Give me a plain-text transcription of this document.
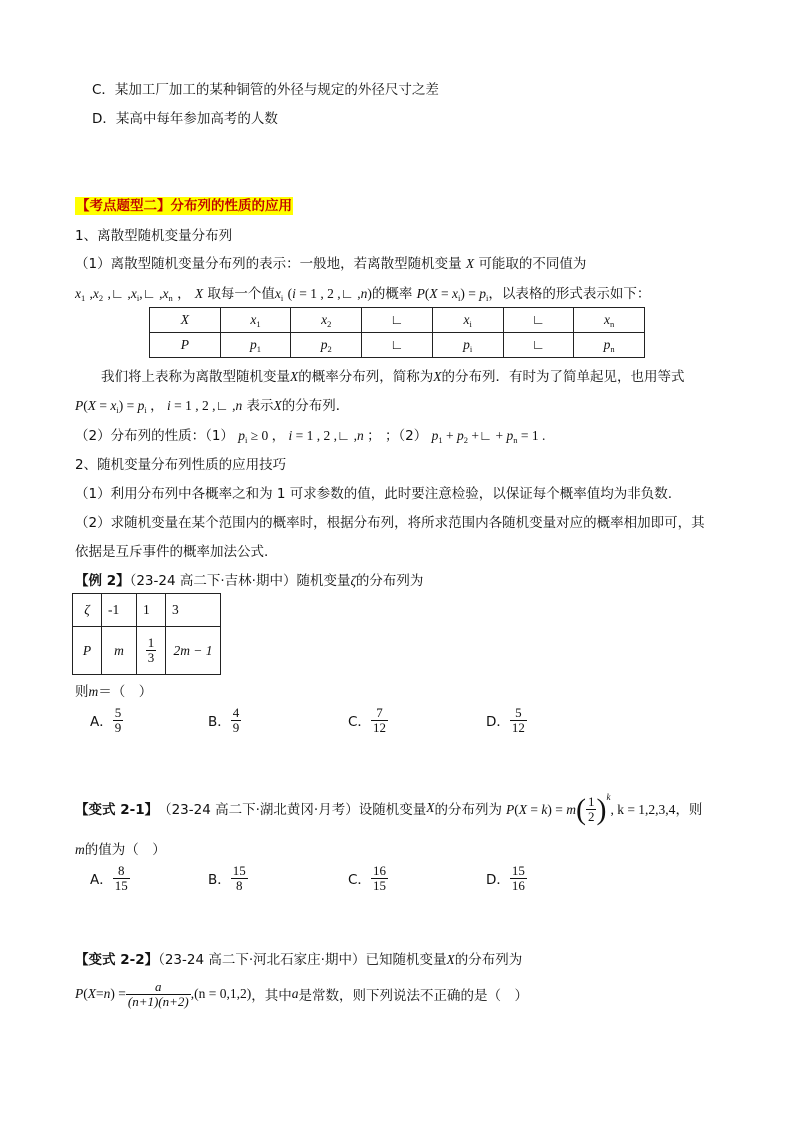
C．某加工厂加工的某种铜管的外径与规定的外径尺寸之差
D．某高中每年参加高考的人数
【考点题型二】分布列的性质的应用
1、离散型随机变量分布列
（1）离散型随机变量分布列的表示：一般地，若离散型随机变量 X 可能取的不同值为
$x_1$ $,x_2$ ,∟ $,x_i,∟$ $,x_n$ ， X 取每一个值$x_i$ (i = 1 , 2 ,∟ ,n)的概率 $P(X = x_i) = p_i$，以表格的形式表示如下：
X	$x_1$	$x_2$	∟	$x_i$	∟	$x_n$
P	$p_1$	$p_2$	∟	$p_i$	∟	$p_n$
我们将上表称为离散型随机变量X的概率分布列，简称为X的分布列．有时为了简单起见，也用等式
$P(X = x_i) = p_i$ ， i = 1 , 2 ,∟ ,n 表示X的分布列．
（2）分布列的性质：（1） $p_i \ge 0$ ， i = 1 , 2 ,∟ ,n ； ；（2） $p_1 + p_2$ +∟ + $p_n = 1$ .
2、随机变量分布列性质的应用技巧
（1）利用分布列中各概率之和为 1 可求参数的值，此时要注意检验，以保证每个概率值均为非负数.
（2）求随机变量在某个范围内的概率时，根据分布列，将所求范围内各随机变量对应的概率相加即可，其
依据是互斥事件的概率加法公式.
【例 2】（23-24 高二下·吉林·期中）随机变量ζ的分布列为
ζ	-1	1	3
P	m	$\frac{1}{3}$	2m − 1
则m＝（　）
A． $\frac{5}{9}$	B． $\frac{4}{9}$	C． $\frac{7}{12}$	D． $\frac{5}{12}$
【变式 2-1】 （23-24 高二下·湖北黄冈·月考）设随机变量 X 的分布列为 $P(X = k) = m( \frac{1}{2} )^k$, k = 1,2,3,4 ，则
m的值为（　）
A． $\frac{8}{15}$	B． $\frac{15}{8}$	C． $\frac{16}{15}$	D． $\frac{15}{16}$
【变式 2-2】（23-24 高二下·河北石家庄·期中）已知随机变量X的分布列为
P ( X = n ) = $\frac{a}{(n+1)(n+2)} ,(n = 0,1,2)$ ，其中 a 是常数，则下列说法不正确的是（　）
